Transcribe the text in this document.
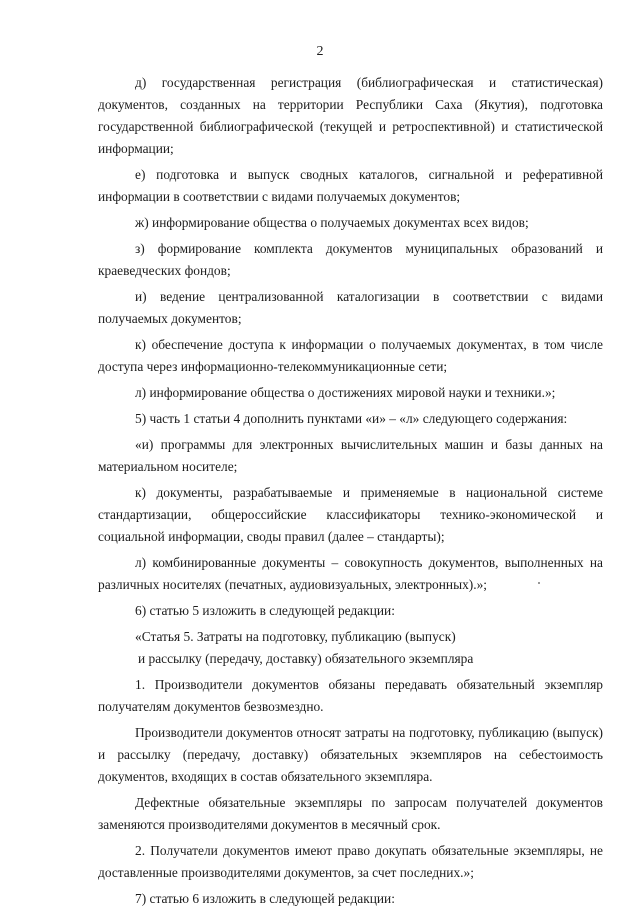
2

д) государственная регистрация (библиографическая и статистическая) документов, созданных на территории Республики Саха (Якутия), подготовка государственной библиографической (текущей и ретроспективной) и статистической информации;

е) подготовка и выпуск сводных каталогов, сигнальной и реферативной информации в соответствии с видами получаемых документов;

ж) информирование общества о получаемых документах всех видов;

з) формирование комплекта документов муниципальных образований и краеведческих фондов;

и) ведение централизованной каталогизации в соответствии с видами получаемых документов;

к) обеспечение доступа к информации о получаемых документах, в том числе доступа через информационно-телекоммуникационные сети;

л) информирование общества о достижениях мировой науки и техники.»;

5) часть 1 статьи 4 дополнить пунктами «и» – «л» следующего содержания:

«и) программы для электронных вычислительных машин и базы данных на материальном носителе;

к) документы, разрабатываемые и применяемые в национальной системе стандартизации, общероссийские классификаторы технико-экономической и социальной информации, своды правил (далее – стандарты);

л) комбинированные документы – совокупность документов, выполненных на различных носителях (печатных, аудиовизуальных, электронных).»;

6) статью 5 изложить в следующей редакции:

«Статья 5. Затраты на подготовку, публикацию (выпуск)

и рассылку (передачу, доставку) обязательного экземпляра

1. Производители документов обязаны передавать обязательный экземпляр получателям документов безвозмездно.

Производители документов относят затраты на подготовку, публикацию (выпуск) и рассылку (передачу, доставку) обязательных экземпляров на себестоимость документов, входящих в состав обязательного экземпляра.

Дефектные обязательные экземпляры по запросам получателей документов заменяются производителями документов в месячный срок.

2. Получатели документов имеют право докупать обязательные экземпляры, не доставленные производителями документов, за счет последних.»;

7) статью 6 изложить в следующей редакции:
